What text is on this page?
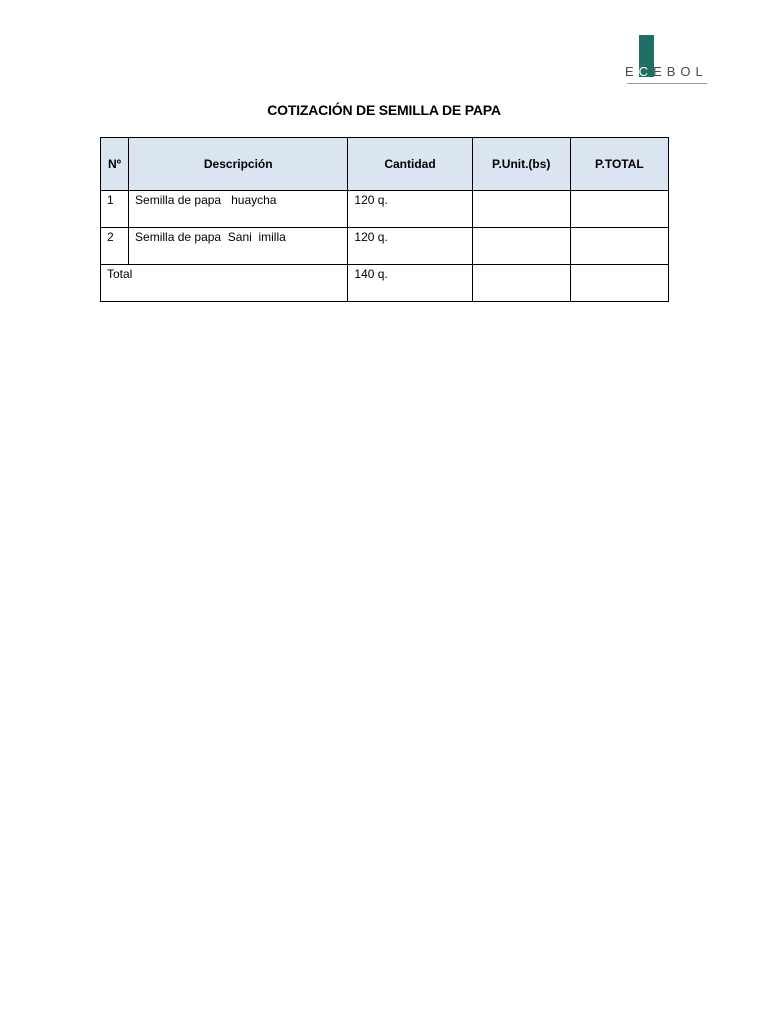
ECEBOL
COTIZACIÓN DE SEMILLA DE PAPA
Nº	Descripción	Cantidad	P.Unit.(bs)	P.TOTAL
1	Semilla de papa   huaycha	120 q.		
2	Semilla de papa  Sani  imilla	120 q.		
Total		140 q.		
